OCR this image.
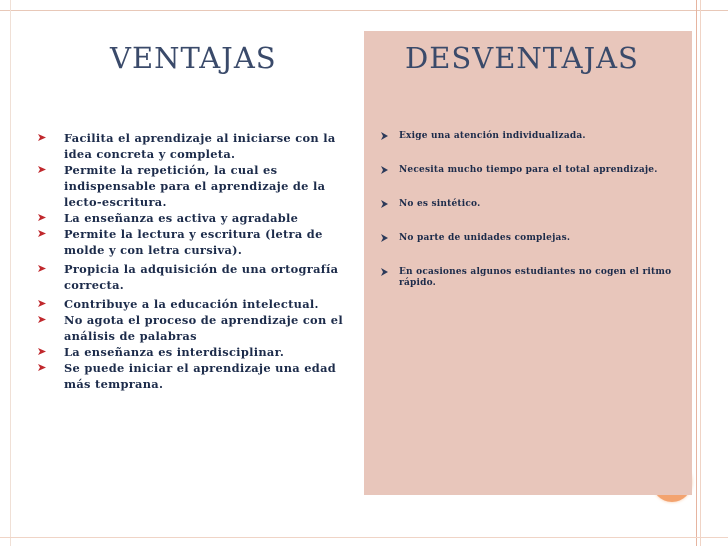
VENTAJAS	DESVENTAJAS
Facilita el aprendizaje al iniciarse con la idea concreta y completa.
Permite la repetición, la cual es indispensable para el aprendizaje de la lecto-escritura.
La enseñanza es activa y agradable
Permite la lectura y escritura (letra de molde y con letra cursiva).
Propicia la adquisición de una ortografía correcta.
Contribuye a la educación intelectual.
No agota el proceso de aprendizaje con el análisis de palabras
La enseñanza es interdisciplinar.
Se puede iniciar el aprendizaje una edad más temprana.
Exige una atención individualizada.
Necesita mucho tiempo para el total aprendizaje.
No es sintético.
No parte de unidades complejas.
En ocasiones algunos estudiantes no cogen el ritmo rápido.
